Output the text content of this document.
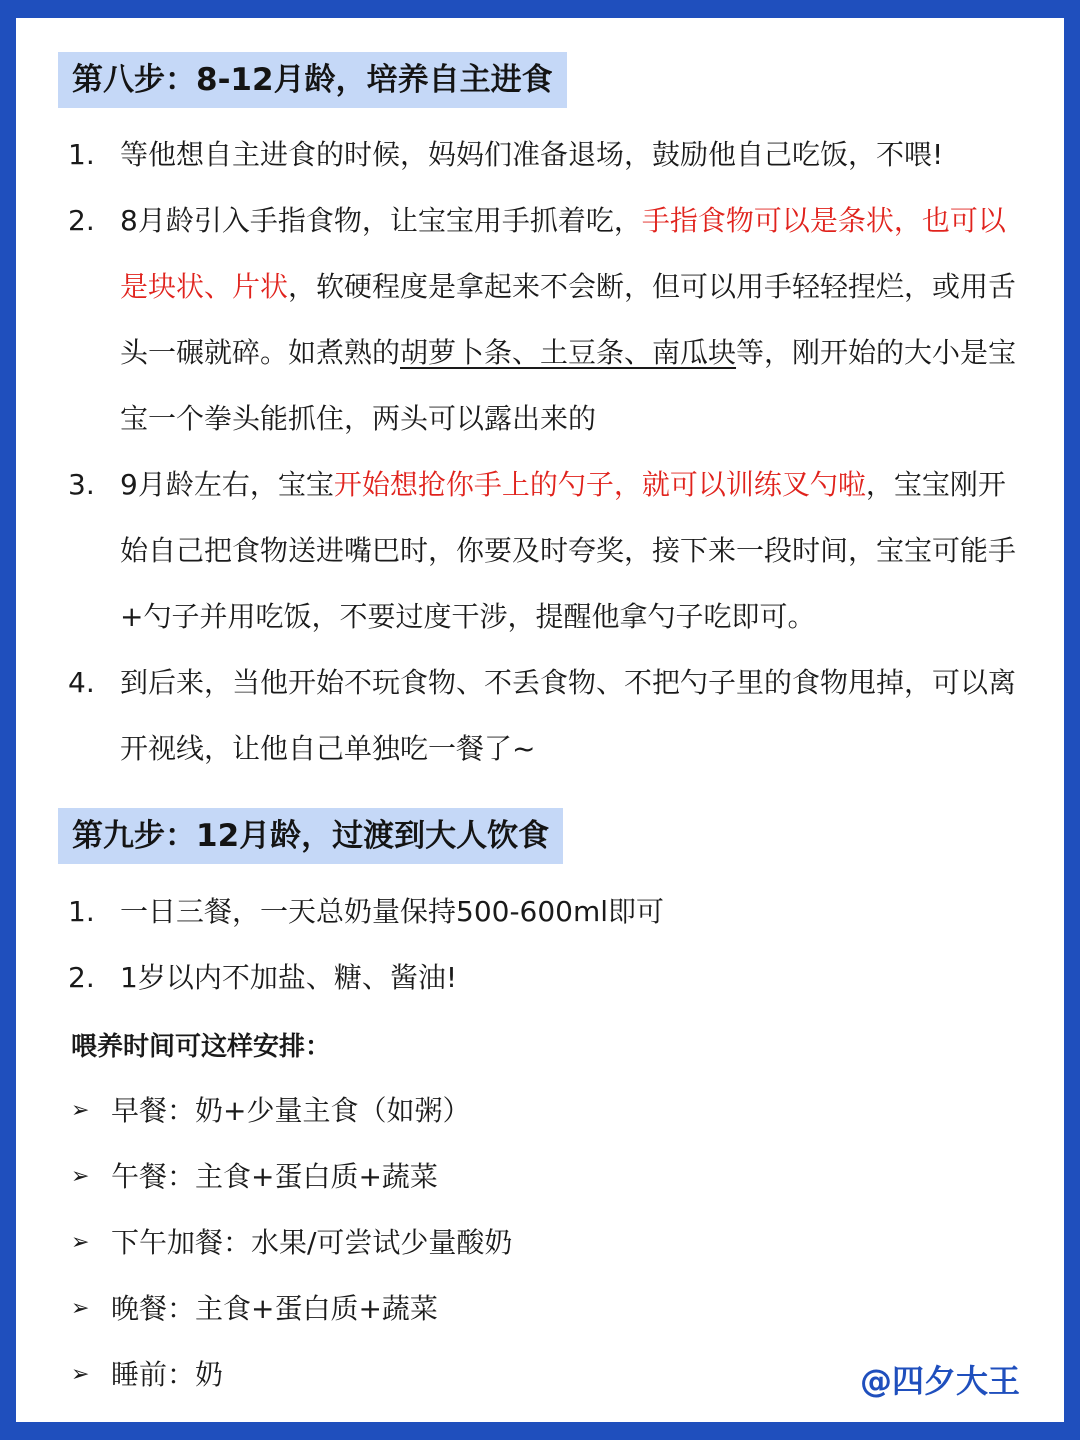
第八步：8-12月龄，培养自主进食
1. 等他想自主进食的时候，妈妈们准备退场，鼓励他自己吃饭，不喂!
2. 8月龄引入手指食物，让宝宝用手抓着吃，手指食物可以是条状，也可以是块状、片状，软硬程度是拿起来不会断，但可以用手轻轻捏烂，或用舌头一碾就碎。如煮熟的胡萝卜条、土豆条、南瓜块等，刚开始的大小是宝宝一个拳头能抓住，两头可以露出来的
3. 9月龄左右，宝宝开始想抢你手上的勺子，就可以训练叉勺啦，宝宝刚开始自己把食物送进嘴巴时，你要及时夸奖，接下来一段时间，宝宝可能手+勺子并用吃饭，不要过度干涉，提醒他拿勺子吃即可。
4. 到后来，当他开始不玩食物、不丢食物、不把勺子里的食物甩掉，可以离开视线，让他自己单独吃一餐了~
第九步：12月龄，过渡到大人饮食
1. 一日三餐，一天总奶量保持500-600ml即可
2. 1岁以内不加盐、糖、酱油!
喂养时间可这样安排：
➢ 早餐：奶+少量主食（如粥）
➢ 午餐：主食+蛋白质+蔬菜
➢ 下午加餐：水果/可尝试少量酸奶
➢ 晚餐：主食+蛋白质+蔬菜
➢ 睡前：奶	@四夕大王
